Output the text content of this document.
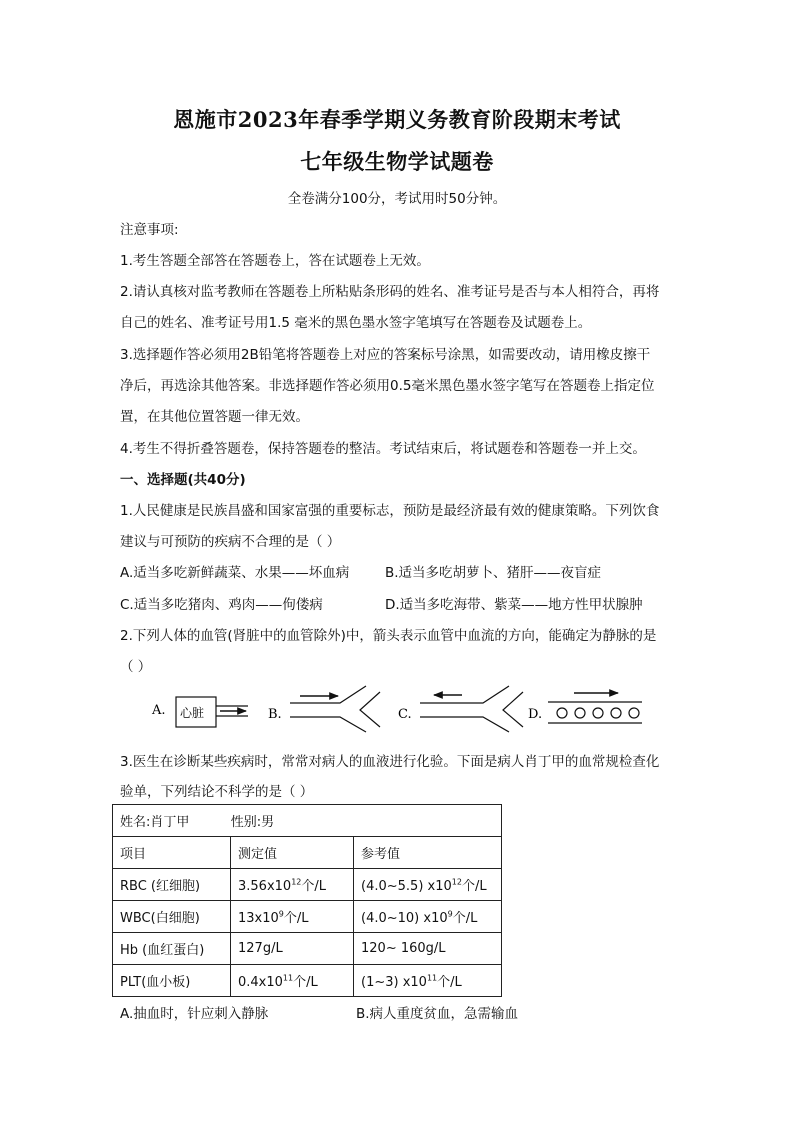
恩施市2023年春季学期义务教育阶段期末考试
七年级生物学试题卷
全卷满分100分，考试用时50分钟。
注意事项:
1.考生答题全部答在答题卷上，答在试题卷上无效。
2.请认真核对监考教师在答题卷上所粘贴条形码的姓名、准考证号是否与本人相符合，再将
自己的姓名、准考证号用1.5 毫米的黑色墨水签字笔填写在答题卷及试题卷上。
3.选择题作答必须用2B铅笔将答题卷上对应的答案标号涂黑，如需要改动，请用橡皮擦干
净后，再选涂其他答案。非选择题作答必须用0.5毫米黑色墨水签字笔写在答题卷上指定位
置，在其他位置答题一律无效。
4.考生不得折叠答题卷，保持答题卷的整洁。考试结束后，将试题卷和答题卷一并上交。
一、选择题(共40分)
1.人民健康是民族昌盛和国家富强的重要标志，预防是最经济最有效的健康策略。下列饮食
建议与可预防的疾病不合理的是（ ）
A.适当多吃新鲜蔬菜、水果——坏血病	B.适当多吃胡萝卜、猪肝——夜盲症
C.适当多吃猪肉、鸡肉——佝偻病	D.适当多吃海带、紫菜——地方性甲状腺肿
2.下列人体的血管(肾脏中的血管除外)中，箭头表示血管中血流的方向，能确定为静脉的是
（ ）
A. 心脏	B.	C.	D.
3.医生在诊断某些疾病时，常常对病人的血液进行化验。下面是病人肖丁甲的血常规检查化
验单，下列结论不科学的是（ ）
姓名:肖丁甲          性别:男		
项目	测定值	参考值
RBC (红细胞)	$3.56x10^{12}$个/L	(4.0~5.5) $x10^{12}$个/L
WBC(白细胞)	$13x10^9$个/L	(4.0~10) $x10^9$个/L
Hb (血红蛋白)	127g/L	120~ 160g/L
PLT(血小板)	$0.4x10^{11}$个/L	(1~3) $x10^{11}$个/L
A.抽血时，针应刺入静脉	B.病人重度贫血，急需输血
